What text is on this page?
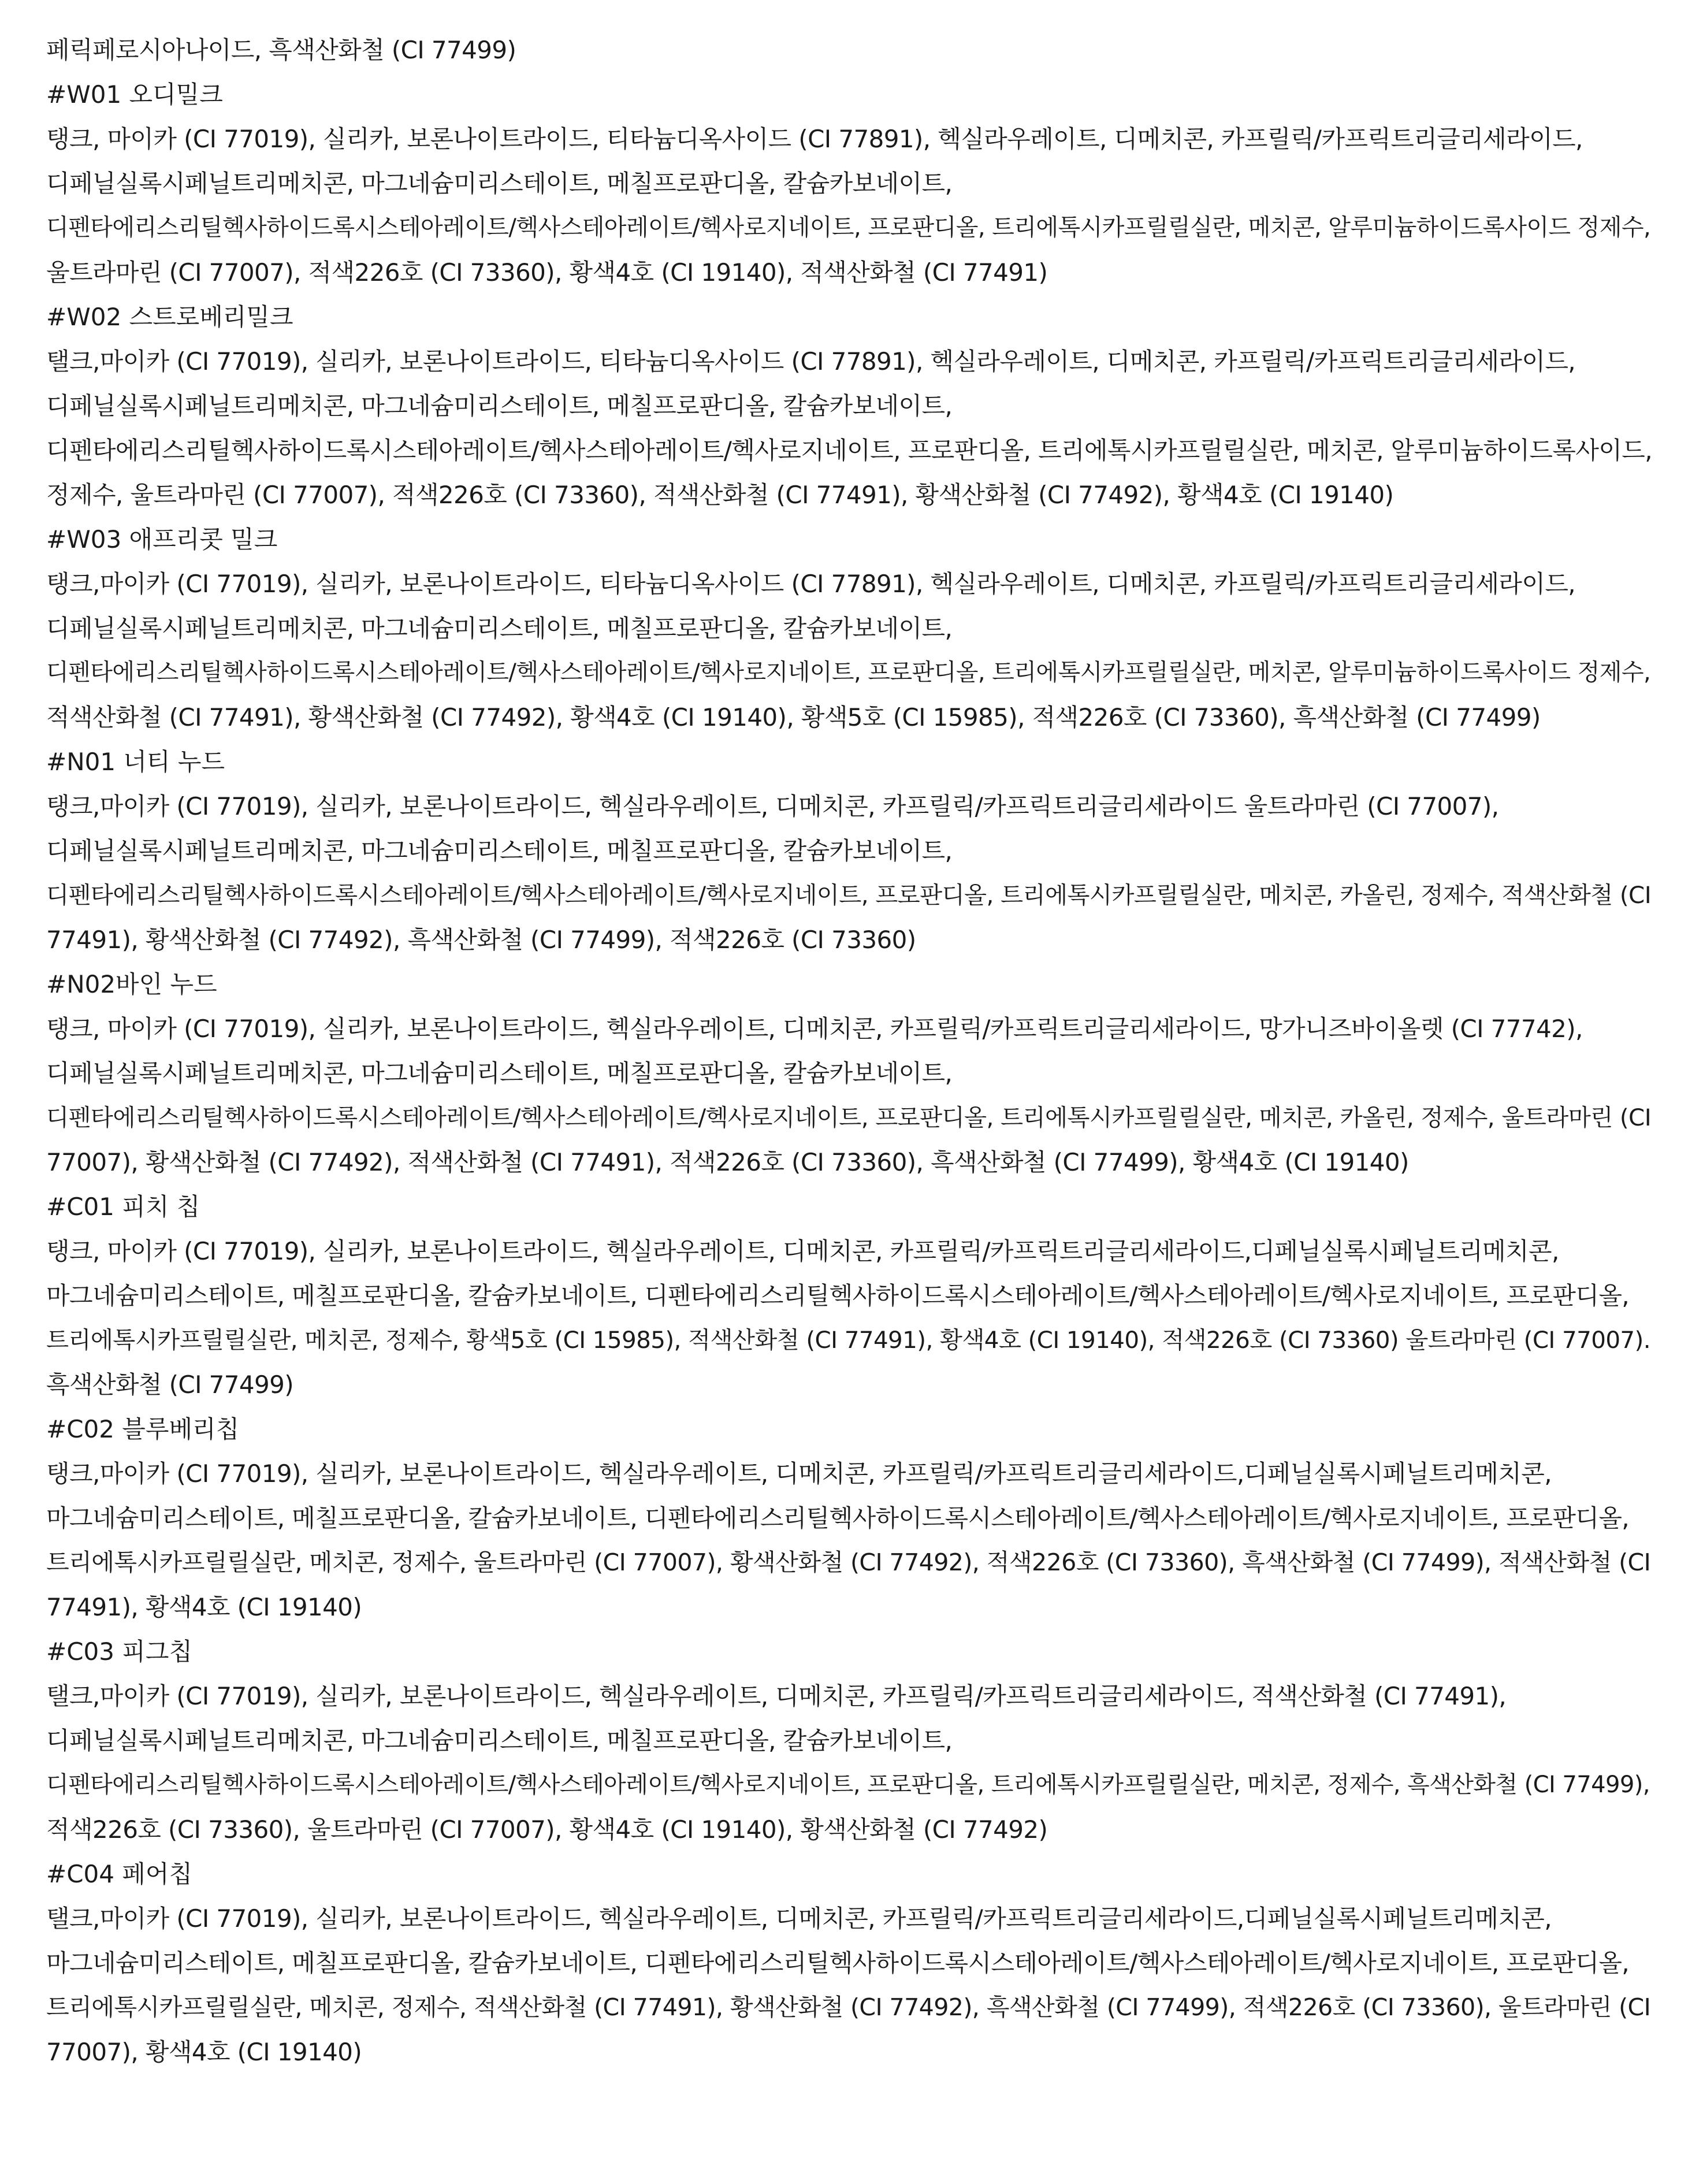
페릭페로시아나이드, 흑색산화철 (CI 77499)
#W01 오디밀크
탱크, 마이카 (CI 77019), 실리카, 보론나이트라이드, 티타늄디옥사이드 (CI 77891), 헥실라우레이트, 디메치콘, 카프릴릭/카프릭트리글리세라이드,
디페닐실록시페닐트리메치콘, 마그네슘미리스테이트, 메칠프로판디올, 칼슘카보네이트,
디펜타에리스리틸헥사하이드록시스테아레이트/헥사스테아레이트/헥사로지네이트, 프로판디올, 트리에톡시카프릴릴실란, 메치콘, 알루미늄하이드록사이드 정제수,
울트라마린 (CI 77007), 적색226호 (CI 73360), 황색4호 (CI 19140), 적색산화철 (CI 77491)
#W02 스트로베리밀크
탤크,마이카 (CI 77019), 실리카, 보론나이트라이드, 티타늄디옥사이드 (CI 77891), 헥실라우레이트, 디메치콘, 카프릴릭/카프릭트리글리세라이드,
디페닐실록시페닐트리메치콘, 마그네슘미리스테이트, 메칠프로판디올, 칼슘카보네이트,
디펜타에리스리틸헥사하이드록시스테아레이트/헥사스테아레이트/헥사로지네이트, 프로판디올, 트리에톡시카프릴릴실란, 메치콘, 알루미늄하이드록사이드,
정제수, 울트라마린 (CI 77007), 적색226호 (CI 73360), 적색산화철 (CI 77491), 황색산화철 (CI 77492), 황색4호 (CI 19140)
#W03 애프리콧 밀크
탱크,마이카 (CI 77019), 실리카, 보론나이트라이드, 티타늄디옥사이드 (CI 77891), 헥실라우레이트, 디메치콘, 카프릴릭/카프릭트리글리세라이드,
디페닐실록시페닐트리메치콘, 마그네슘미리스테이트, 메칠프로판디올, 칼슘카보네이트,
디펜타에리스리틸헥사하이드록시스테아레이트/헥사스테아레이트/헥사로지네이트, 프로판디올, 트리에톡시카프릴릴실란, 메치콘, 알루미늄하이드록사이드 정제수,
적색산화철 (CI 77491), 황색산화철 (CI 77492), 황색4호 (CI 19140), 황색5호 (CI 15985), 적색226호 (CI 73360), 흑색산화철 (CI 77499)
#N01 너티 누드
탱크,마이카 (CI 77019), 실리카, 보론나이트라이드, 헥실라우레이트, 디메치콘, 카프릴릭/카프릭트리글리세라이드 울트라마린 (CI 77007),
디페닐실록시페닐트리메치콘, 마그네슘미리스테이트, 메칠프로판디올, 칼슘카보네이트,
디펜타에리스리틸헥사하이드록시스테아레이트/헥사스테아레이트/헥사로지네이트, 프로판디올, 트리에톡시카프릴릴실란, 메치콘, 카올린, 정제수, 적색산화철 (CI
77491), 황색산화철 (CI 77492), 흑색산화철 (CI 77499), 적색226호 (CI 73360)
#N02바인 누드
탱크, 마이카 (CI 77019), 실리카, 보론나이트라이드, 헥실라우레이트, 디메치콘, 카프릴릭/카프릭트리글리세라이드, 망가니즈바이올렛 (CI 77742),
디페닐실록시페닐트리메치콘, 마그네슘미리스테이트, 메칠프로판디올, 칼슘카보네이트,
디펜타에리스리틸헥사하이드록시스테아레이트/헥사스테아레이트/헥사로지네이트, 프로판디올, 트리에톡시카프릴릴실란, 메치콘, 카올린, 정제수, 울트라마린 (CI
77007), 황색산화철 (CI 77492), 적색산화철 (CI 77491), 적색226호 (CI 73360), 흑색산화철 (CI 77499), 황색4호 (CI 19140)
#C01 피치 칩
탱크, 마이카 (CI 77019), 실리카, 보론나이트라이드, 헥실라우레이트, 디메치콘, 카프릴릭/카프릭트리글리세라이드,디페닐실록시페닐트리메치콘,
마그네슘미리스테이트, 메칠프로판디올, 칼슘카보네이트, 디펜타에리스리틸헥사하이드록시스테아레이트/헥사스테아레이트/헥사로지네이트, 프로판디올,
트리에톡시카프릴릴실란, 메치콘, 정제수, 황색5호 (CI 15985), 적색산화철 (CI 77491), 황색4호 (CI 19140), 적색226호 (CI 73360) 울트라마린 (CI 77007).
흑색산화철 (CI 77499)
#C02 블루베리칩
탱크,마이카 (CI 77019), 실리카, 보론나이트라이드, 헥실라우레이트, 디메치콘, 카프릴릭/카프릭트리글리세라이드,디페닐실록시페닐트리메치콘,
마그네슘미리스테이트, 메칠프로판디올, 칼슘카보네이트, 디펜타에리스리틸헥사하이드록시스테아레이트/헥사스테아레이트/헥사로지네이트, 프로판디올,
트리에톡시카프릴릴실란, 메치콘, 정제수, 울트라마린 (CI 77007), 황색산화철 (CI 77492), 적색226호 (CI 73360), 흑색산화철 (CI 77499), 적색산화철 (CI
77491), 황색4호 (CI 19140)
#C03 피그칩
탤크,마이카 (CI 77019), 실리카, 보론나이트라이드, 헥실라우레이트, 디메치콘, 카프릴릭/카프릭트리글리세라이드, 적색산화철 (CI 77491),
디페닐실록시페닐트리메치콘, 마그네슘미리스테이트, 메칠프로판디올, 칼슘카보네이트,
디펜타에리스리틸헥사하이드록시스테아레이트/헥사스테아레이트/헥사로지네이트, 프로판디올, 트리에톡시카프릴릴실란, 메치콘, 정제수, 흑색산화철 (CI 77499),
적색226호 (CI 73360), 울트라마린 (CI 77007), 황색4호 (CI 19140), 황색산화철 (CI 77492)
#C04 페어칩
탤크,마이카 (CI 77019), 실리카, 보론나이트라이드, 헥실라우레이트, 디메치콘, 카프릴릭/카프릭트리글리세라이드,디페닐실록시페닐트리메치콘,
마그네슘미리스테이트, 메칠프로판디올, 칼슘카보네이트, 디펜타에리스리틸헥사하이드록시스테아레이트/헥사스테아레이트/헥사로지네이트, 프로판디올,
트리에톡시카프릴릴실란, 메치콘, 정제수, 적색산화철 (CI 77491), 황색산화철 (CI 77492), 흑색산화철 (CI 77499), 적색226호 (CI 73360), 울트라마린 (CI
77007), 황색4호 (CI 19140)
